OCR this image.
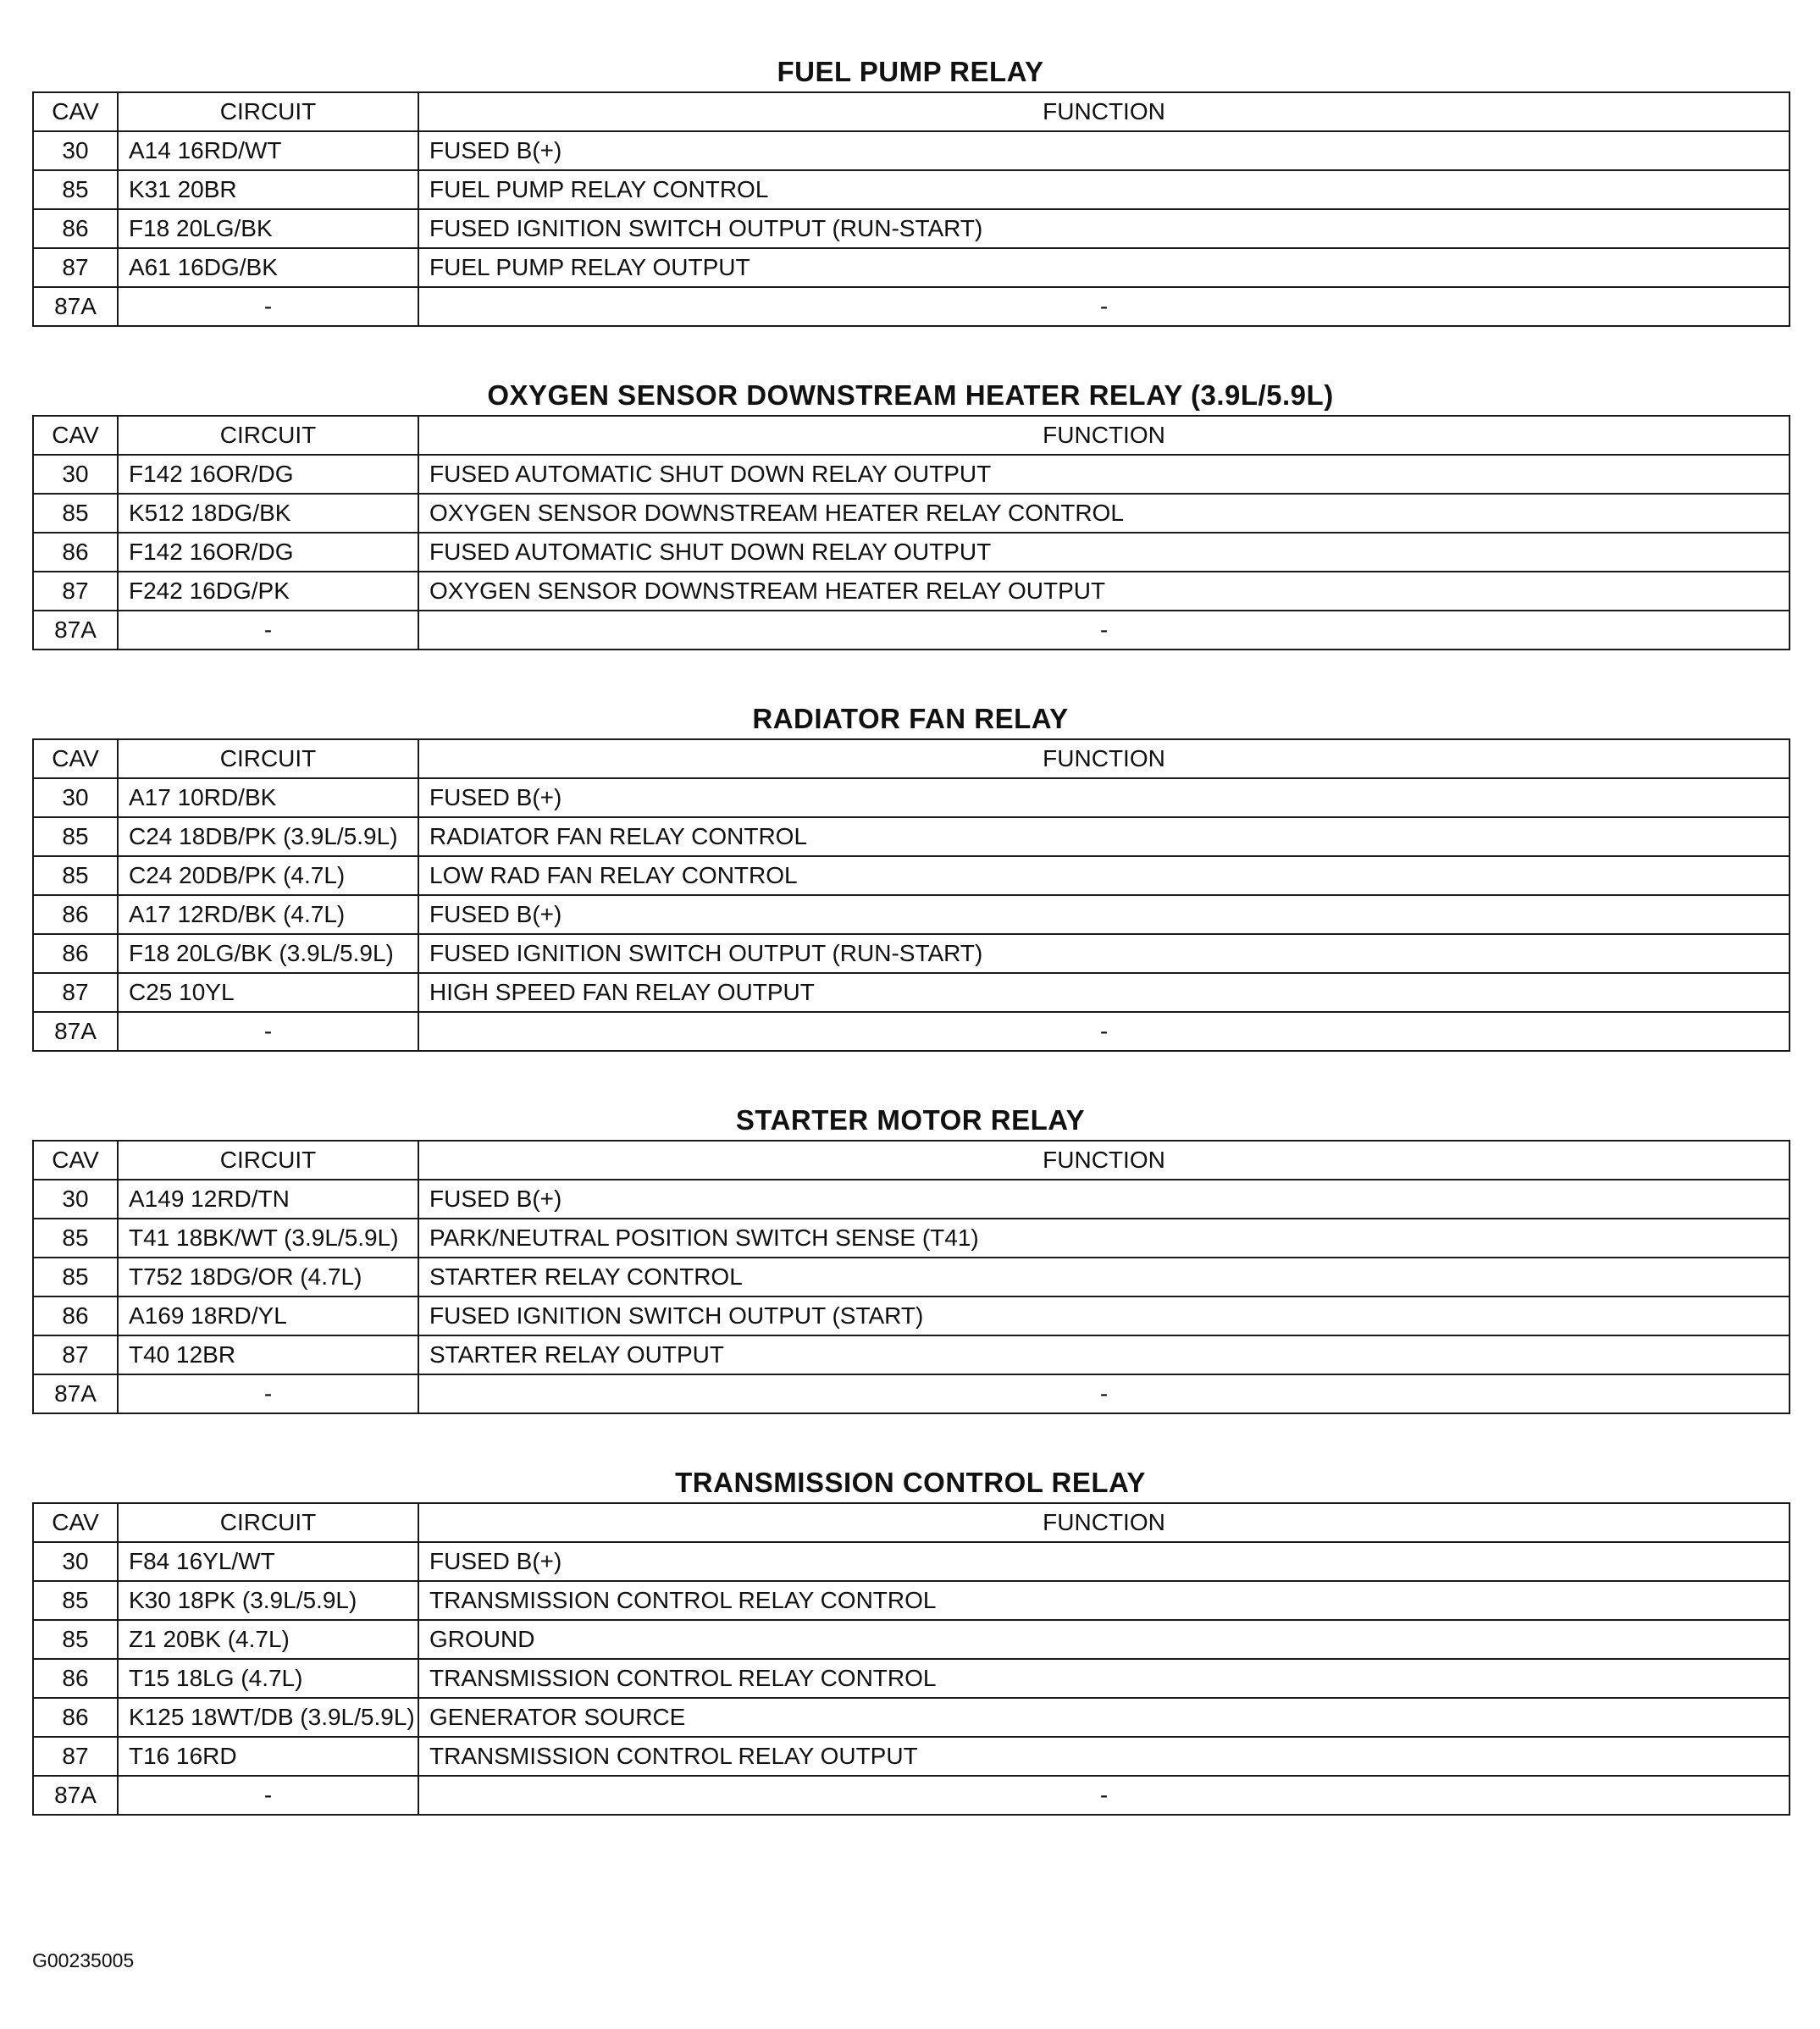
FUEL PUMP RELAY
CAV	CIRCUIT	FUNCTION
30	A14 16RD/WT	FUSED B(+)
85	K31 20BR	FUEL PUMP RELAY CONTROL
86	F18 20LG/BK	FUSED IGNITION SWITCH OUTPUT (RUN-START)
87	A61 16DG/BK	FUEL PUMP RELAY OUTPUT
87A	-	-
OXYGEN SENSOR DOWNSTREAM HEATER RELAY (3.9L/5.9L)
CAV	CIRCUIT	FUNCTION
30	F142 16OR/DG	FUSED AUTOMATIC SHUT DOWN RELAY OUTPUT
85	K512 18DG/BK	OXYGEN SENSOR DOWNSTREAM HEATER RELAY CONTROL
86	F142 16OR/DG	FUSED AUTOMATIC SHUT DOWN RELAY OUTPUT
87	F242 16DG/PK	OXYGEN SENSOR DOWNSTREAM HEATER RELAY OUTPUT
87A	-	-
RADIATOR FAN RELAY
CAV	CIRCUIT	FUNCTION
30	A17 10RD/BK	FUSED B(+)
85	C24 18DB/PK (3.9L/5.9L)	RADIATOR FAN RELAY CONTROL
85	C24 20DB/PK (4.7L)	LOW RAD FAN RELAY CONTROL
86	A17 12RD/BK (4.7L)	FUSED B(+)
86	F18 20LG/BK (3.9L/5.9L)	FUSED IGNITION SWITCH OUTPUT (RUN-START)
87	C25 10YL	HIGH SPEED FAN RELAY OUTPUT
87A	-	-
STARTER MOTOR RELAY
CAV	CIRCUIT	FUNCTION
30	A149 12RD/TN	FUSED B(+)
85	T41 18BK/WT (3.9L/5.9L)	PARK/NEUTRAL POSITION SWITCH SENSE (T41)
85	T752 18DG/OR (4.7L)	STARTER RELAY CONTROL
86	A169 18RD/YL	FUSED IGNITION SWITCH OUTPUT (START)
87	T40 12BR	STARTER RELAY OUTPUT
87A	-	-
TRANSMISSION CONTROL RELAY
CAV	CIRCUIT	FUNCTION
30	F84 16YL/WT	FUSED B(+)
85	K30 18PK (3.9L/5.9L)	TRANSMISSION CONTROL RELAY CONTROL
85	Z1 20BK (4.7L)	GROUND
86	T15 18LG (4.7L)	TRANSMISSION CONTROL RELAY CONTROL
86	K125 18WT/DB (3.9L/5.9L)	GENERATOR SOURCE
87	T16 16RD	TRANSMISSION CONTROL RELAY OUTPUT
87A	-	-
G00235005
